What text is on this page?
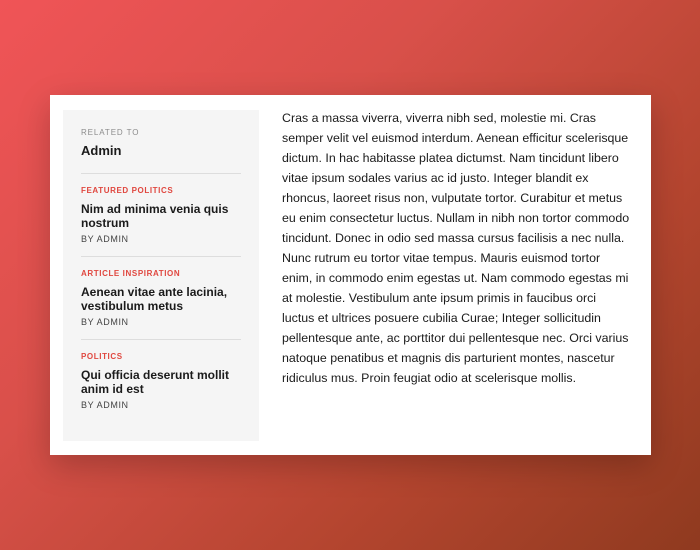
RELATED TO
Admin
FEATURED POLITICS
Nim ad minima venia quis nostrum
BY ADMIN
ARTICLE INSPIRATION
Aenean vitae ante lacinia, vestibulum metus
BY ADMIN
POLITICS
Qui officia deserunt mollit anim id est
BY ADMIN

Cras a massa viverra, viverra nibh sed, molestie mi. Cras semper velit vel euismod interdum. Aenean efficitur scelerisque dictum. In hac habitasse platea dictumst. Nam tincidunt libero vitae ipsum sodales varius ac id justo. Integer blandit ex rhoncus, laoreet risus non, vulputate tortor. Curabitur et metus eu enim consectetur luctus. Nullam in nibh non tortor commodo tincidunt. Donec in odio sed massa cursus facilisis a nec nulla.

Nunc rutrum eu tortor vitae tempus. Mauris euismod tortor enim, in commodo enim egestas ut. Nam commodo egestas mi at molestie. Vestibulum ante ipsum primis in faucibus orci luctus et ultrices posuere cubilia Curae; Integer sollicitudin pellentesque ante, ac porttitor dui pellentesque nec. Orci varius natoque penatibus et magnis dis parturient montes, nascetur ridiculus mus. Proin feugiat odio at scelerisque mollis.
